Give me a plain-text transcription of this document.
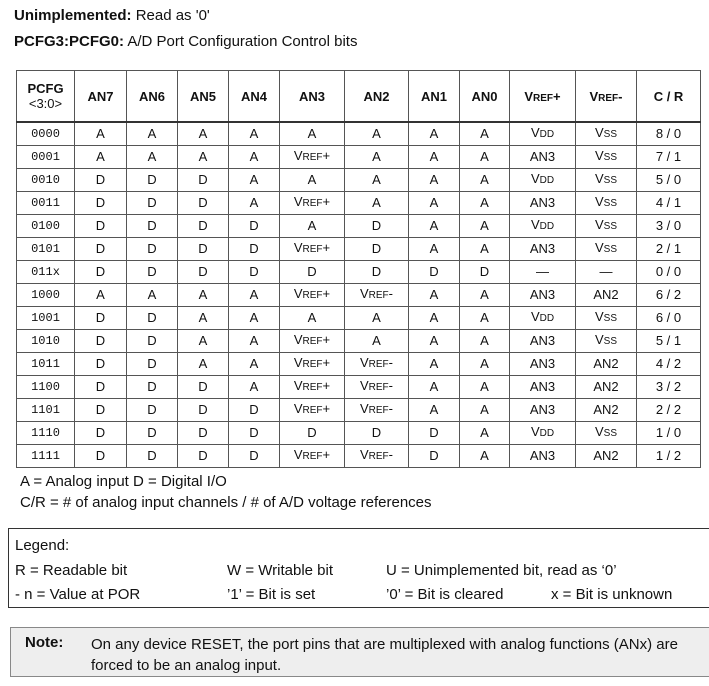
Unimplemented: Read as '0'
PCFG3:PCFG0: A/D Port Configuration Control bits
PCFG
<3:0>	AN7	AN6	AN5	AN4	AN3	AN2	AN1	AN0	VREF+	VREF-	C / R
0000	A	A	A	A	A	A	A	A	VDD	VSS	8 / 0
0001	A	A	A	A	VREF+	A	A	A	AN3	VSS	7 / 1
0010	D	D	D	A	A	A	A	A	VDD	VSS	5 / 0
0011	D	D	D	A	VREF+	A	A	A	AN3	VSS	4 / 1
0100	D	D	D	D	A	D	A	A	VDD	VSS	3 / 0
0101	D	D	D	D	VREF+	D	A	A	AN3	VSS	2 / 1
011x	D	D	D	D	D	D	D	D	—	—	0 / 0
1000	A	A	A	A	VREF+	VREF-	A	A	AN3	AN2	6 / 2
1001	D	D	A	A	A	A	A	A	VDD	VSS	6 / 0
1010	D	D	A	A	VREF+	A	A	A	AN3	VSS	5 / 1
1011	D	D	A	A	VREF+	VREF-	A	A	AN3	AN2	4 / 2
1100	D	D	D	A	VREF+	VREF-	A	A	AN3	AN2	3 / 2
1101	D	D	D	D	VREF+	VREF-	A	A	AN3	AN2	2 / 2
1110	D	D	D	D	D	D	D	A	VDD	VSS	1 / 0
1111	D	D	D	D	VREF+	VREF-	D	A	AN3	AN2	1 / 2
A = Analog input D = Digital I/O
C/R = # of analog input channels / # of A/D voltage references
Legend:
R = Readable bit	W = Writable bit	U = Unimplemented bit, read as ‘0’
- n = Value at POR	’1’ = Bit is set	’0’ = Bit is cleared	x = Bit is unknown
Note: On any device RESET, the port pins that are multiplexed with analog functions (ANx) are
forced to be an analog input.
